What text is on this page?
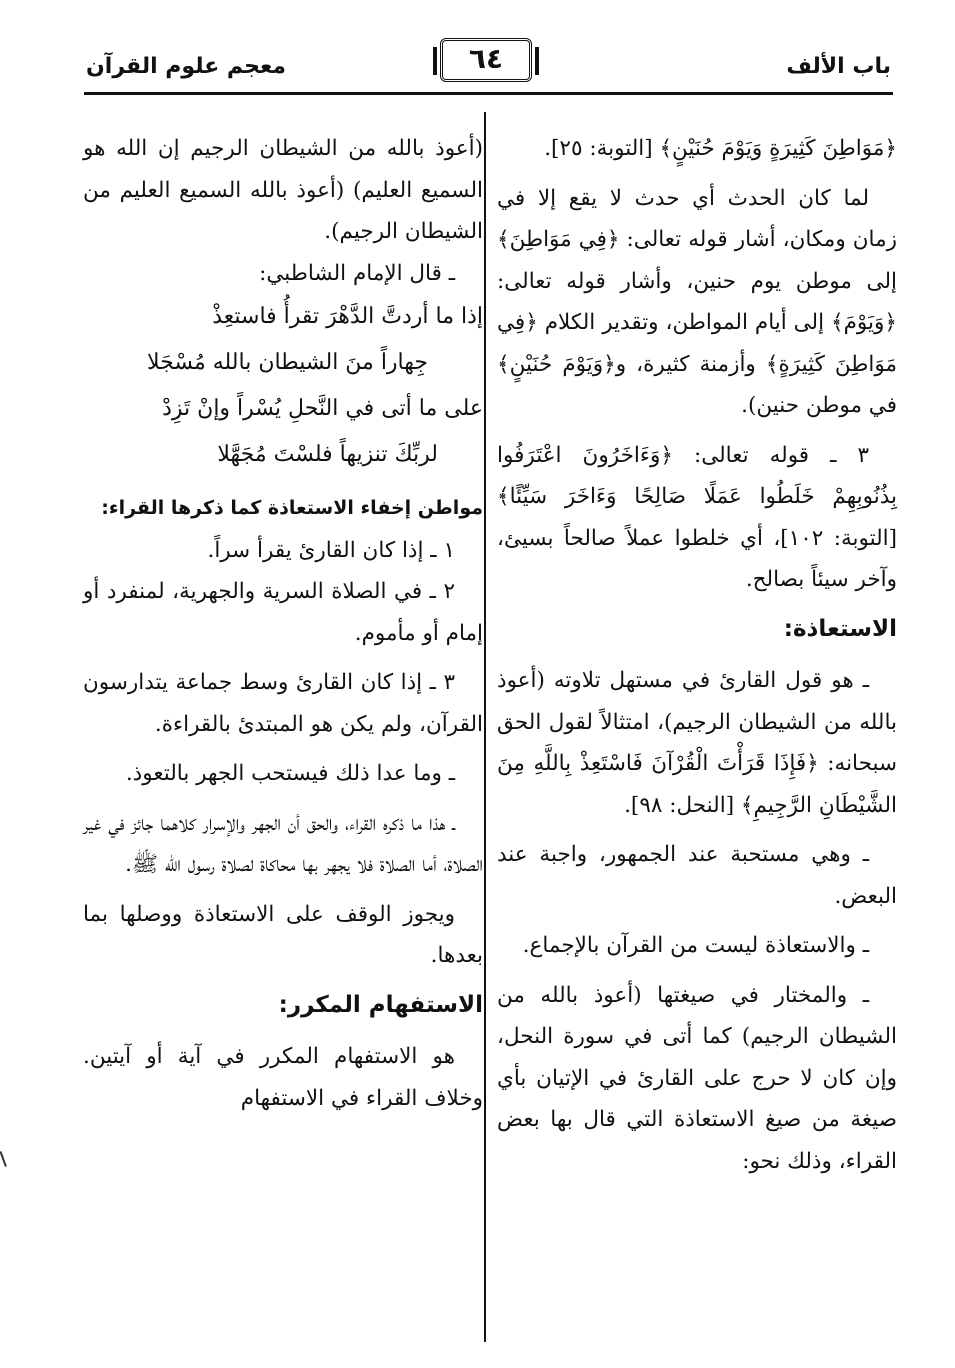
باب الألف
٦٤
معجم علوم القرآن

﴿مَوَاطِنَ كَثِيرَةٍ وَيَوْمَ حُنَيْنٍ﴾ [التوبة: ٢٥].

لما كان الحدث أي حدث لا يقع إلا في زمان ومكان، أشار قوله تعالى: ﴿فِي مَوَاطِنَ﴾ إلى موطن يوم حنين، وأشار قوله تعالى: ﴿وَيَوْمَ﴾ إلى أيام المواطن، وتقدير الكلام ﴿فِي مَوَاطِنَ كَثِيرَةٍ﴾ وأزمنة كثيرة، و﴿وَيَوْمَ حُنَيْنٍ﴾ في موطن حنين).

٣ ـ قوله تعالى: ﴿وَءَاخَرُونَ اعْتَرَفُوا بِذُنُوبِهِمْ خَلَطُوا عَمَلًا صَالِحًا وَءَاخَرَ سَيِّئًا﴾ [التوبة: ١٠٢]، أي خلطوا عملاً صالحاً بسيئ، وآخر سيئاً بصالح.

الاستعاذة:

ـ هو قول القارئ في مستهل تلاوته (أعوذ بالله من الشيطان الرجيم)، امتثالاً لقول الحق سبحانه: ﴿فَإِذَا قَرَأْتَ الْقُرْآنَ فَاسْتَعِذْ بِاللَّهِ مِنَ الشَّيْطَانِ الرَّجِيمِ﴾ [النحل: ٩٨].

ـ وهي مستحبة عند الجمهور، واجبة عند البعض.

ـ والاستعاذة ليست من القرآن بالإجماع.

ـ والمختار في صيغتها (أعوذ بالله من الشيطان الرجيم) كما أتى في سورة النحل، وإن كان لا حرج على القارئ في الإتيان بأي صيغة من صيغ الاستعاذة التي قال بها بعض القراء، وذلك نحو:

(أعوذ بالله من الشيطان الرجيم إن الله هو السميع العليم) (أعوذ بالله السميع العليم من الشيطان الرجيم).

ـ قال الإمام الشاطبي:

إذا ما أردتَّ الدَّهْرَ تقرأُ فاستعِذْ

جِهاراً منَ الشيطان بالله مُسْجَلا

على ما أتى في النَّحلِ يُسْراً وإنْ تَزِدْ

لربِّكَ تنزيهاً فلسْتَ مُجَهَّلا

مواطن إخفاء الاستعاذة كما ذكرها القراء:

١ ـ إذا كان القارئ يقرأ سراً.

٢ ـ في الصلاة السرية والجهرية، لمنفرد أو إمام أو مأموم.

٣ ـ إذا كان القارئ وسط جماعة يتدارسون القرآن، ولم يكن هو المبتدئ بالقراءة.

ـ وما عدا ذلك فيستحب الجهر بالتعوذ.

ـ هذا ما ذكره القراء، والحق أن الجهر والإسرار كلاهما جائز في غير الصلاة، أما الصلاة فلا يجهر بها محاكاة لصلاة رسول الله ﷺ.

ويجوز الوقف على الاستعاذة ووصلها بما بعدها.

الاستفهام المكرر:

هو الاستفهام المكرر في آية أو آيتين. وخلاف القراء في الاستفهام
